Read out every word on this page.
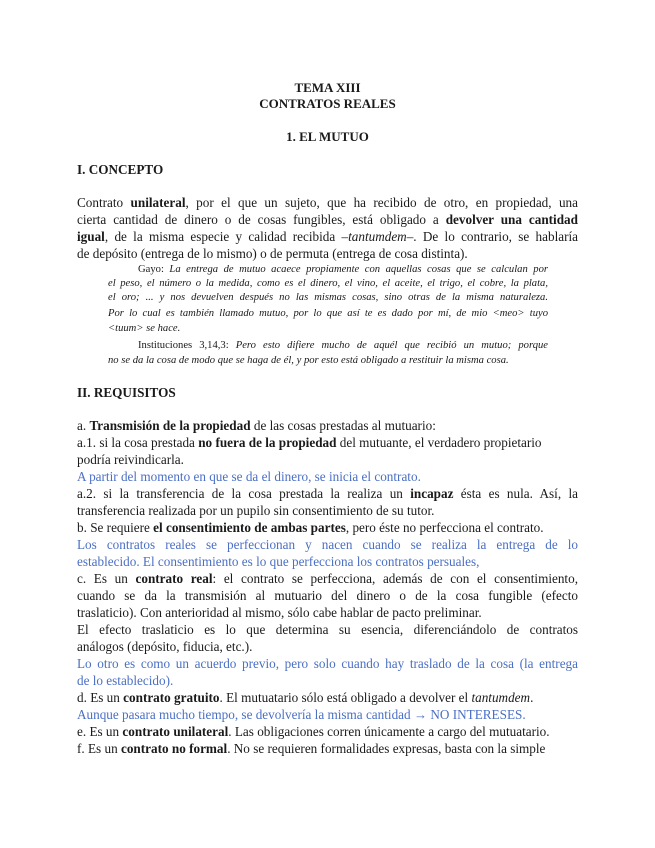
TEMA XIII
CONTRATOS REALES
1. EL MUTUO
I. CONCEPTO
Contrato unilateral, por el que un sujeto, que ha recibido de otro, en propiedad, una
cierta cantidad de dinero o de cosas fungibles, está obligado a devolver una cantidad
igual, de la misma especie y calidad recibida –tantumdem–. De lo contrario, se hablaría
de depósito (entrega de lo mismo) o de permuta (entrega de cosa distinta).
Gayo: La entrega de mutuo acaece propiamente con aquellas cosas que se calculan por
el peso, el número o la medida, como es el dinero, el vino, el aceite, el trigo, el cobre, la plata,
el oro; ... y nos devuelven después no las mismas cosas, sino otras de la misma naturaleza.
Por lo cual es también llamado mutuo, por lo que así te es dado por mí, de mio <meo> tuyo
<tuum> se hace.
Instituciones 3,14,3: Pero esto difiere mucho de aquél que recibió un mutuo; porque
no se da la cosa de modo que se haga de él, y por esto está obligado a restituir la misma cosa.
II. REQUISITOS
a. Transmisión de la propiedad de las cosas prestadas al mutuario:
a.1. si la cosa prestada no fuera de la propiedad del mutuante, el verdadero propietario
podría reivindicarla.
A partir del momento en que se da el dinero, se inicia el contrato.
a.2. si la transferencia de la cosa prestada la realiza un incapaz ésta es nula. Así, la
transferencia realizada por un pupilo sin consentimiento de su tutor.
b. Se requiere el consentimiento de ambas partes, pero éste no perfecciona el contrato.
Los contratos reales se perfeccionan y nacen cuando se realiza la entrega de lo
establecido. El consentimiento es lo que perfecciona los contratos persuales,
c. Es un contrato real: el contrato se perfecciona, además de con el consentimiento,
cuando se da la transmisión al mutuario del dinero o de la cosa fungible (efecto
traslaticio). Con anterioridad al mismo, sólo cabe hablar de pacto preliminar.
El efecto traslaticio es lo que determina su esencia, diferenciándolo de contratos
análogos (depósito, fiducia, etc.).
Lo otro es como un acuerdo previo, pero solo cuando hay traslado de la cosa (la entrega
de lo establecido).
d. Es un contrato gratuito. El mutuatario sólo está obligado a devolver el tantumdem.
Aunque pasara mucho tiempo, se devolvería la misma cantidad → NO INTERESES.
e. Es un contrato unilateral. Las obligaciones corren únicamente a cargo del mutuatario.
f. Es un contrato no formal. No se requieren formalidades expresas, basta con la simple
